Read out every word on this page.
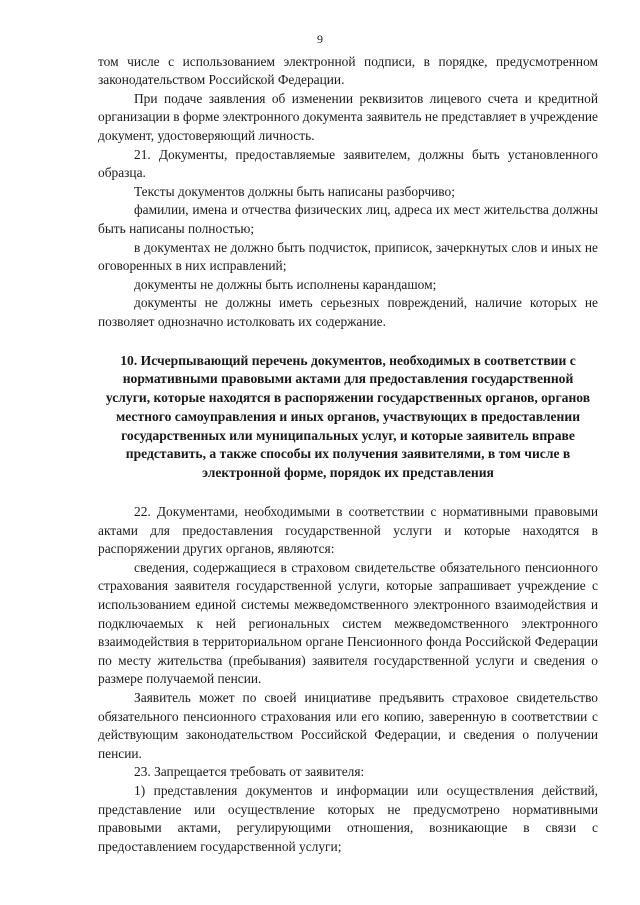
9

том числе с использованием электронной подписи, в порядке, предусмотренном законодательством Российской Федерации.

При подаче заявления об изменении реквизитов лицевого счета и кредитной организации в форме электронного документа заявитель не представляет в учреждение документ, удостоверяющий личность.

21. Документы, предоставляемые заявителем, должны быть установленного образца.

Тексты документов должны быть написаны разборчиво;

фамилии, имена и отчества физических лиц, адреса их мест жительства должны быть написаны полностью;

в документах не должно быть подчисток, приписок, зачеркнутых слов и иных не оговоренных в них исправлений;

документы не должны быть исполнены карандашом;

документы не должны иметь серьезных повреждений, наличие которых не позволяет однозначно истолковать их содержание.

10. Исчерпывающий перечень документов, необходимых в соответствии с нормативными правовыми актами для предоставления государственной услуги, которые находятся в распоряжении государственных органов, органов местного самоуправления и иных органов, участвующих в предоставлении государственных или муниципальных услуг, и которые заявитель вправе представить, а также способы их получения заявителями, в том числе в электронной форме, порядок их представления

22. Документами, необходимыми в соответствии с нормативными правовыми актами для предоставления государственной услуги и которые находятся в распоряжении других органов, являются:

сведения, содержащиеся в страховом свидетельстве обязательного пенсионного страхования заявителя государственной услуги, которые запрашивает учреждение с использованием единой системы межведомственного электронного взаимодействия и подключаемых к ней региональных систем межведомственного электронного взаимодействия в территориальном органе Пенсионного фонда Российской Федерации по месту жительства (пребывания) заявителя государственной услуги и сведения о размере получаемой пенсии.

Заявитель может по своей инициативе предъявить страховое свидетельство обязательного пенсионного страхования или его копию, заверенную в соответствии с действующим законодательством Российской Федерации, и сведения о получении пенсии.

23. Запрещается требовать от заявителя:

1) представления документов и информации или осуществления действий, представление или осуществление которых не предусмотрено нормативными правовыми актами, регулирующими отношения, возникающие в связи с предоставлением государственной услуги;
